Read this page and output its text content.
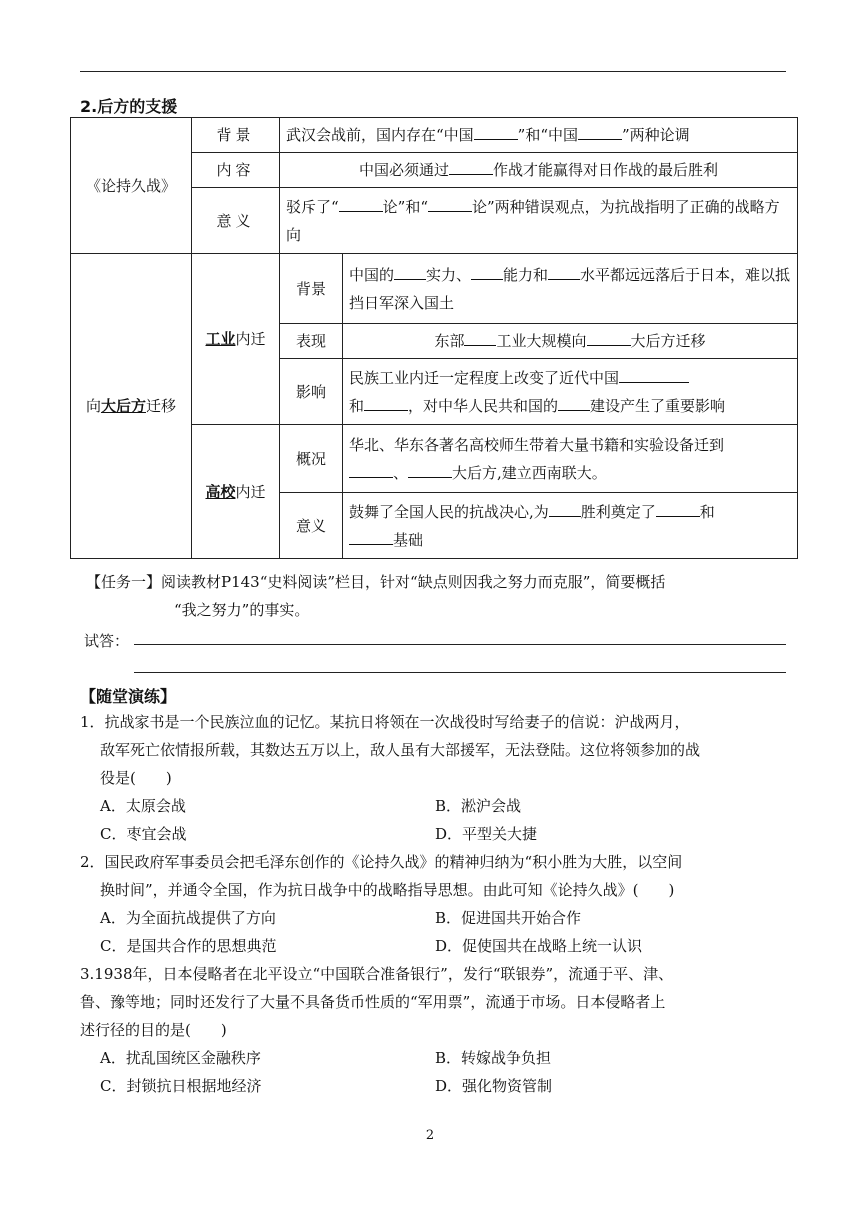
2.后方的支援
《论持久战》	背景	武汉会战前，国内存在“中国 ”和“中国 ”两种论调	
	内容	中国必须通过 作战才能赢得对日作战的最后胜利	
	意义	驳斥了“ 论”和“ 论”两种错误观点，为抗战指明了正确的战略方向	
向大后方迁移	工业内迁	背景	中国的 实力、 能力和 水平都远远落后于日本，难以抵挡日军深入国土
		表现	东部 工业大规模向 大后方迁移
		影响	民族工业内迁一定程度上改变了近代中国
和 ，对中华人民共和国的 建设产生了重要影响
	高校内迁	概况	华北、华东各著名高校师生带着大量书籍和实验设备迁到
、 大后方,建立西南联大。
		意义	鼓舞了全国人民的抗战决心,为 胜利奠定了 和
基础
【任务一】阅读教材P143“史料阅读”栏目，针对“缺点则因我之努力而克服”，简要概括
“我之努力”的事实。
试答：
【随堂演练】
1．抗战家书是一个民族泣血的记忆。某抗日将领在一次战役时写给妻子的信说：沪战两月，
敌军死亡依情报所载，其数达五万以上，敌人虽有大部援军，无法登陆。这位将领参加的战
役是(　　)
A．太原会战	B．淞沪会战
C．枣宜会战	D．平型关大捷
2．国民政府军事委员会把毛泽东创作的《论持久战》的精神归纳为“积小胜为大胜，以空间
换时间”，并通令全国，作为抗日战争中的战略指导思想。由此可知《论持久战》(　　)
A．为全面抗战提供了方向	B．促进国共开始合作
C．是国共合作的思想典范	D．促使国共在战略上统一认识
3.1938年，日本侵略者在北平设立“中国联合准备银行”，发行“联银券”，流通于平、津、
鲁、豫等地；同时还发行了大量不具备货币性质的“军用票”，流通于市场。日本侵略者上
述行径的目的是(　　)
A．扰乱国统区金融秩序	B．转嫁战争负担
C．封锁抗日根据地经济	D．强化物资管制
2
